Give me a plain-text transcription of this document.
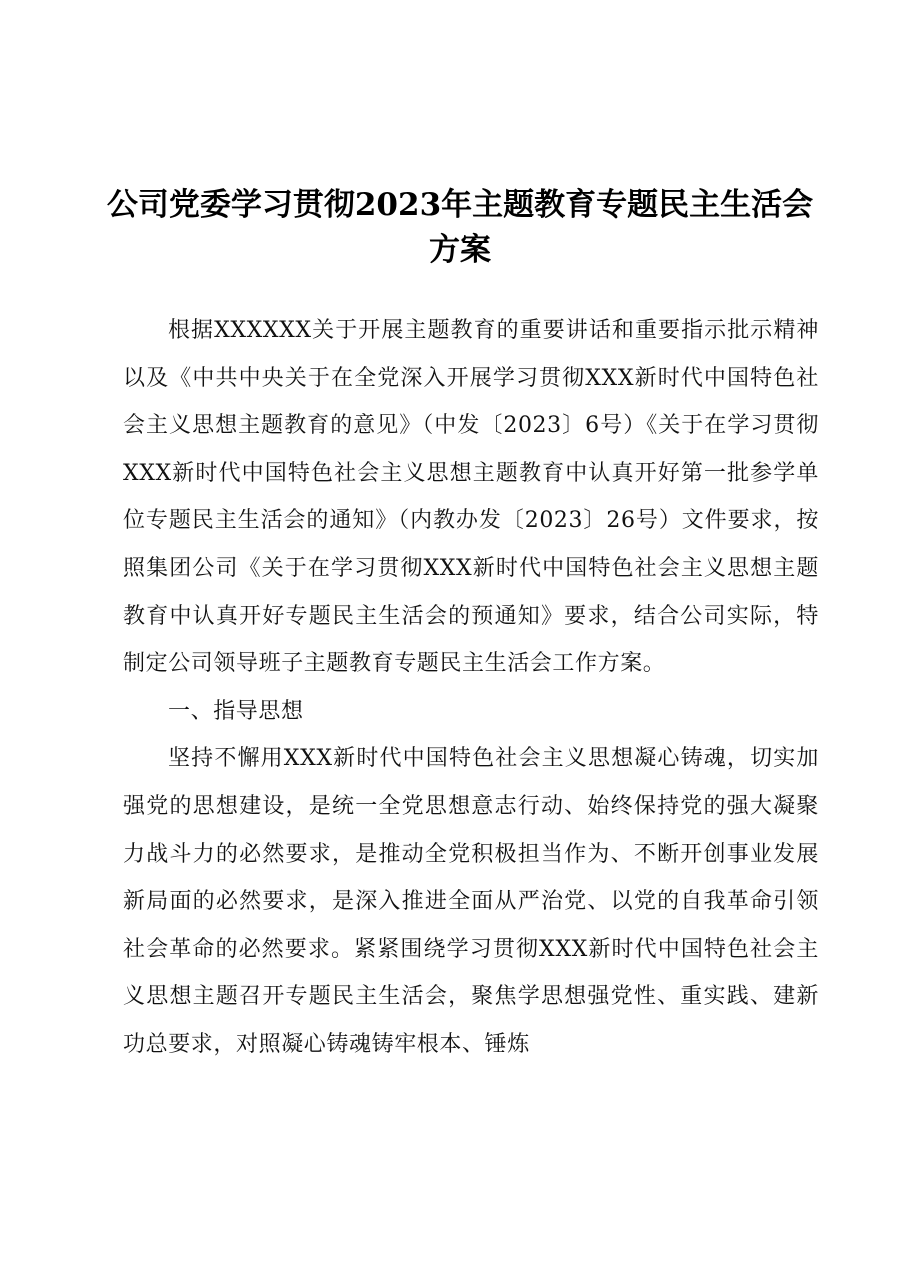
公司党委学习贯彻2023年主题教育专题民主生活会方案

根据XXXXXX关于开展主题教育的重要讲话和重要指示批示精神以及《中共中央关于在全党深入开展学习贯彻XXX新时代中国特色社会主义思想主题教育的意见》（中发〔2023〕6号）《关于在学习贯彻XXX新时代中国特色社会主义思想主题教育中认真开好第一批参学单位专题民主生活会的通知》（内教办发〔2023〕26号）文件要求，按照集团公司《关于在学习贯彻XXX新时代中国特色社会主义思想主题教育中认真开好专题民主生活会的预通知》要求，结合公司实际，特制定公司领导班子主题教育专题民主生活会工作方案。

一、指导思想

坚持不懈用XXX新时代中国特色社会主义思想凝心铸魂，切实加强党的思想建设，是统一全党思想意志行动、始终保持党的强大凝聚力战斗力的必然要求，是推动全党积极担当作为、不断开创事业发展新局面的必然要求，是深入推进全面从严治党、以党的自我革命引领社会革命的必然要求。紧紧围绕学习贯彻XXX新时代中国特色社会主义思想主题召开专题民主生活会，聚焦学思想强党性、重实践、建新功总要求，对照凝心铸魂铸牢根本、锤炼
